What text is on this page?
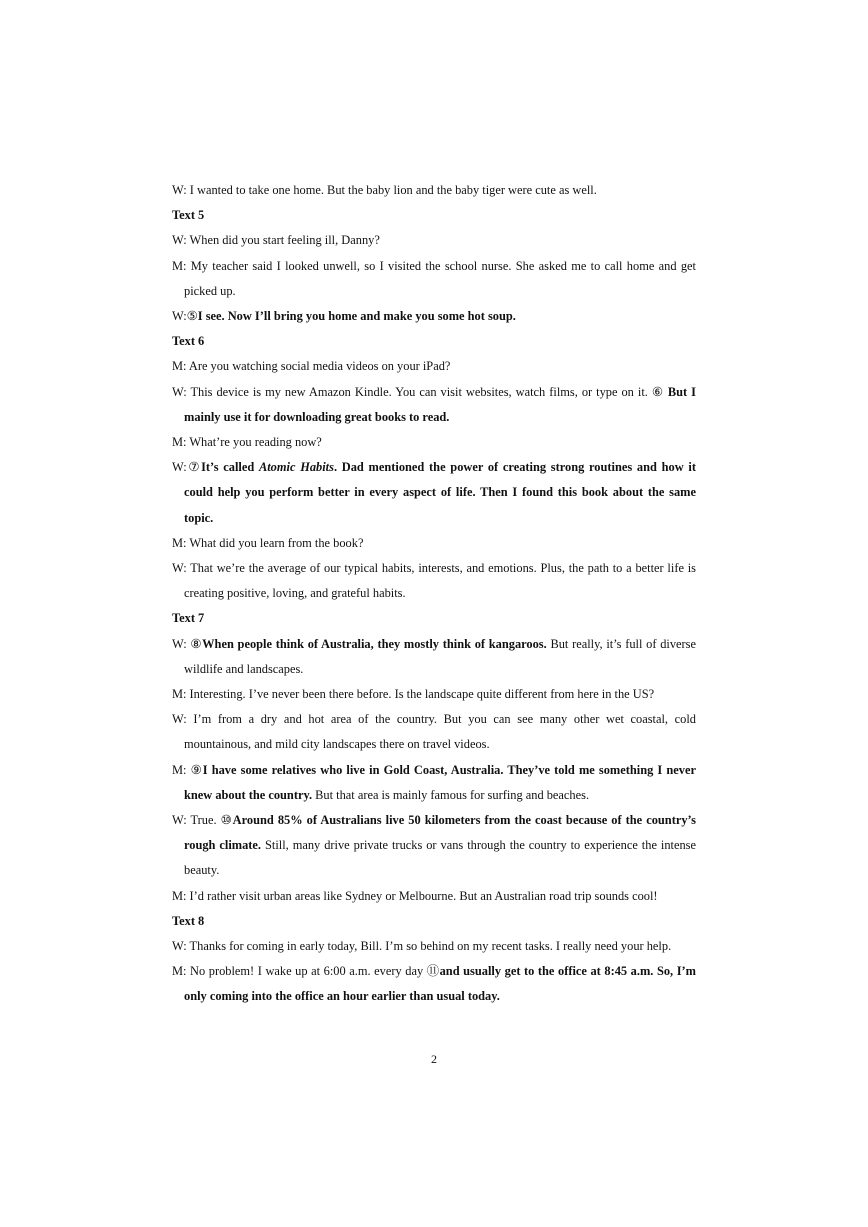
W: I wanted to take one home. But the baby lion and the baby tiger were cute as well.
Text 5
W: When did you start feeling ill, Danny?
M: My teacher said I looked unwell, so I visited the school nurse. She asked me to call home and get picked up.
W:⑤I see. Now I’ll bring you home and make you some hot soup.
Text 6
M: Are you watching social media videos on your iPad?
W: This device is my new Amazon Kindle. You can visit websites, watch films, or type on it. ⑥ But I mainly use it for downloading great books to read.
M: What’re you reading now?
W:⑦It’s called Atomic Habits. Dad mentioned the power of creating strong routines and how it could help you perform better in every aspect of life. Then I found this book about the same topic.
M: What did you learn from the book?
W: That we’re the average of our typical habits, interests, and emotions. Plus, the path to a better life is creating positive, loving, and grateful habits.
Text 7
W: ⑧When people think of Australia, they mostly think of kangaroos. But really, it’s full of diverse wildlife and landscapes.
M: Interesting. I’ve never been there before. Is the landscape quite different from here in the US?
W: I’m from a dry and hot area of the country. But you can see many other wet coastal, cold mountainous, and mild city landscapes there on travel videos.
M: ⑨I have some relatives who live in Gold Coast, Australia. They’ve told me something I never knew about the country. But that area is mainly famous for surfing and beaches.
W: True. ⑩Around 85% of Australians live 50 kilometers from the coast because of the country’s rough climate. Still, many drive private trucks or vans through the country to experience the intense beauty.
M: I’d rather visit urban areas like Sydney or Melbourne. But an Australian road trip sounds cool!
Text 8
W: Thanks for coming in early today, Bill. I’m so behind on my recent tasks. I really need your help.
M: No problem! I wake up at 6:00 a.m. every day ⑪and usually get to the office at 8:45 a.m. So, I’m only coming into the office an hour earlier than usual today.
2
